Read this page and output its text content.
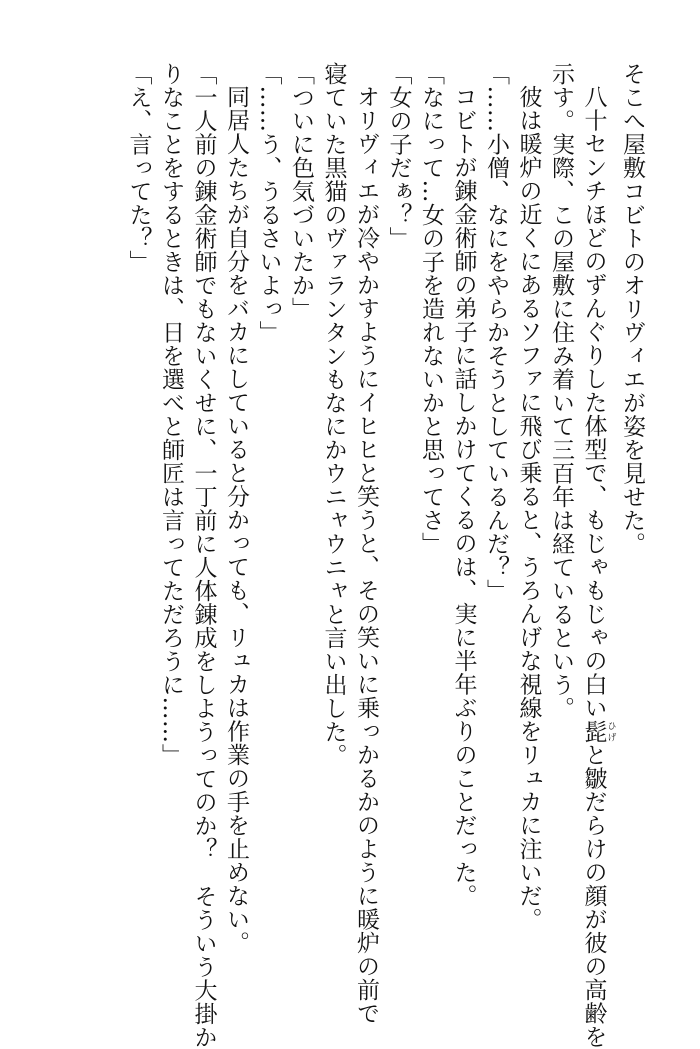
そこへ屋敷コビトのオリヴィエが姿を見せた。
八十センチほどのずんぐりした体型で、もじゃもじゃの白い髭 ひげと皺だらけの顔が彼の高齢を
示す。実際、この屋敷に住み着いて三百年は経ているという。
彼は暖炉の近くにあるソファに飛び乗ると、うろんげな視線をリュカに注いだ。
「……小僧、なにをやらかそうとしているんだ？」
コビトが錬金術師の弟子に話しかけてくるのは、実に半年ぶりのことだった。
「なにって…女の子を造れないかと思ってさ」
「女の子だぁ？」
オリヴィエが冷やかすようにイヒヒと笑うと、その笑いに乗っかるかのように暖炉の前で
寝ていた黒猫のヴァランタンもなにかウニャウニャと言い出した。
「ついに色気づいたか」
「……う、うるさいよっ」
同居人たちが自分をバカにしていると分かっても、リュカは作業の手を止めない。
「一人前の錬金術師でもないくせに、一丁前に人体錬成をしようってのか？　そういう大掛か
りなことをするときは、日を選べと師匠は言ってただろうに……」
「え、言ってた？」
